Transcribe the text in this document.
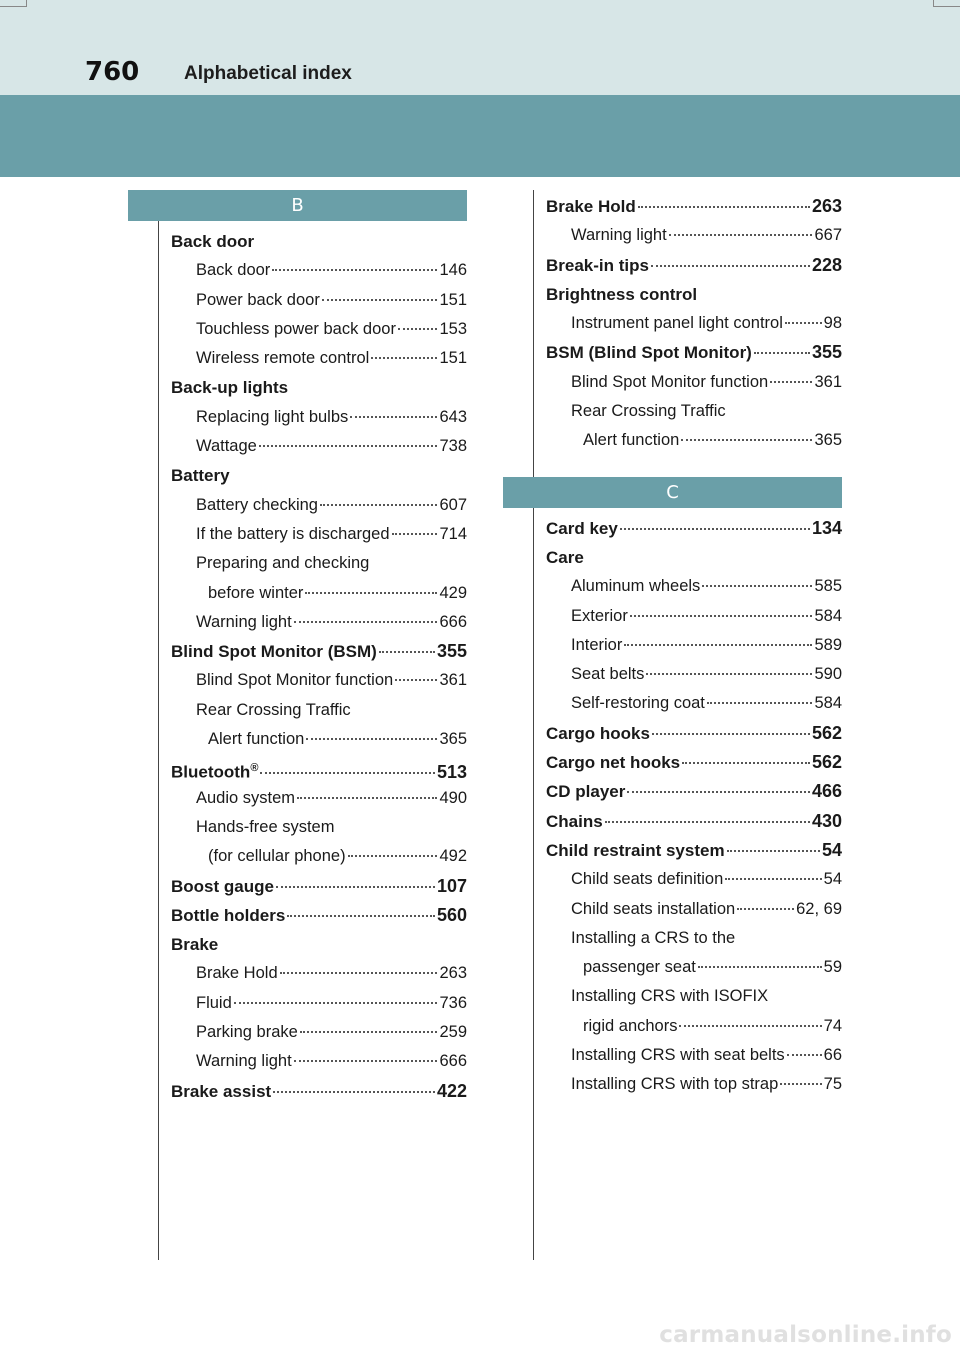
760 Alphabetical index
B
Back door
Back door	146
Power back door	151
Touchless power back door	153
Wireless remote control	151
Back-up lights
Replacing light bulbs	643
Wattage	738
Battery
Battery checking	607
If the battery is discharged	714
Preparing and checking
before winter	429
Warning light	666
Blind Spot Monitor (BSM)	355
Blind Spot Monitor function	361
Rear Crossing Traffic
Alert function	365
Bluetooth®	513
Audio system	490
Hands-free system
(for cellular phone)	492
Boost gauge	107
Bottle holders	560
Brake
Brake Hold	263
Fluid	736
Parking brake	259
Warning light	666
Brake assist	422
Brake Hold	263
Warning light	667
Break-in tips	228
Brightness control
Instrument panel light control 98
BSM (Blind Spot Monitor)	355
Blind Spot Monitor function	361
Rear Crossing Traffic
Alert function	365
C
Card key	134
Care
Aluminum wheels	585
Exterior	584
Interior	589
Seat belts	590
Self-restoring coat	584
Cargo hooks	562
Cargo net hooks	562
CD player	466
Chains	430
Child restraint system	54
Child seats definition	54
Child seats installation	62, 69
Installing a CRS to the
passenger seat	59
Installing CRS with ISOFIX
rigid anchors	74
Installing CRS with seat belts 66
Installing CRS with top strap	75
carmanualsonline.info
